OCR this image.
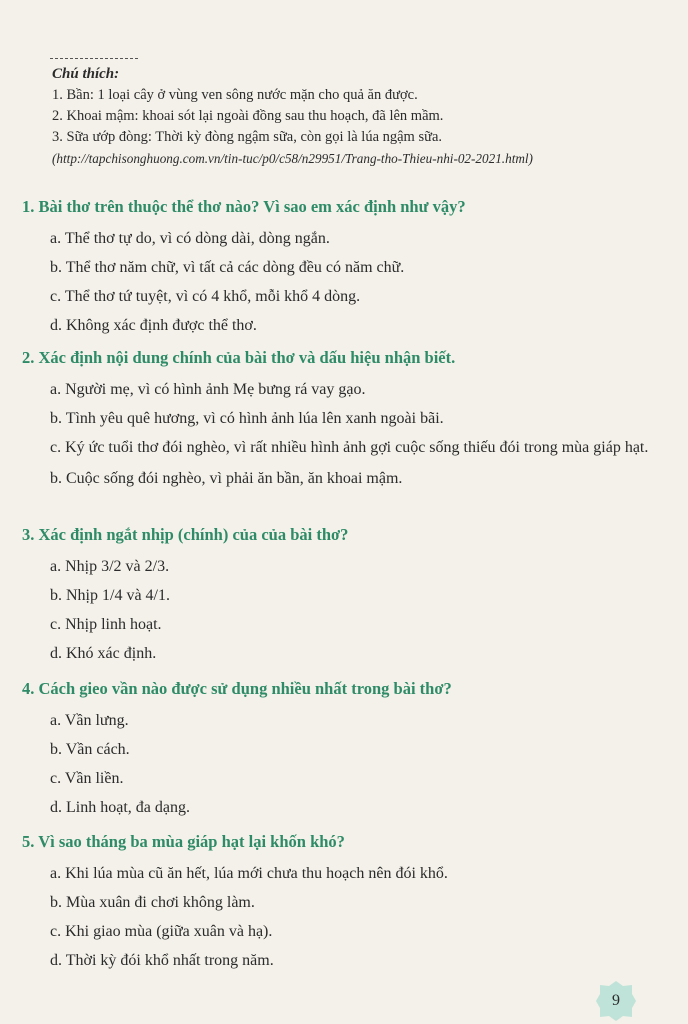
Chú thích:
1. Bần: 1 loại cây ở vùng ven sông nước mặn cho quả ăn được.
2. Khoai mậm: khoai sót lại ngoài đồng sau thu hoạch, đã lên mầm.
3. Sữa ướp đòng: Thời kỳ đòng ngậm sữa, còn gọi là lúa ngậm sữa.
(http://tapchisonghuong.com.vn/tin-tuc/p0/c58/n29951/Trang-tho-Thieu-nhi-02-2021.html)
1. Bài thơ trên thuộc thể thơ nào? Vì sao em xác định như vậy?
a. Thể thơ tự do, vì có dòng dài, dòng ngắn.
b. Thể thơ năm chữ, vì tất cả các dòng đều có năm chữ.
c. Thể thơ tứ tuyệt, vì có 4 khổ, mỗi khổ 4 dòng.
d. Không xác định được thể thơ.
2. Xác định nội dung chính của bài thơ và dấu hiệu nhận biết.
a. Người mẹ, vì có hình ảnh Mẹ bưng rá vay gạo.
b. Tình yêu quê hương, vì có hình ảnh lúa lên xanh ngoài bãi.
c. Ký ức tuổi thơ đói nghèo, vì rất nhiều hình ảnh gợi cuộc sống thiếu đói trong mùa giáp hạt.
b. Cuộc sống đói nghèo, vì phải ăn bần, ăn khoai mậm.
3. Xác định ngắt nhịp (chính) của của bài thơ?
a. Nhịp 3/2 và 2/3.
b. Nhịp 1/4 và 4/1.
c. Nhịp linh hoạt.
d. Khó xác định.
4. Cách gieo vần nào được sử dụng nhiều nhất trong bài thơ?
a. Vần lưng.
b. Vần cách.
c. Vần liền.
d. Linh hoạt, đa dạng.
5. Vì sao tháng ba mùa giáp hạt lại khốn khó?
a. Khi lúa mùa cũ ăn hết, lúa mới chưa thu hoạch nên đói khổ.
b. Mùa xuân đi chơi không làm.
c. Khi giao mùa (giữa xuân và hạ).
d. Thời kỳ đói khổ nhất trong năm.
9
